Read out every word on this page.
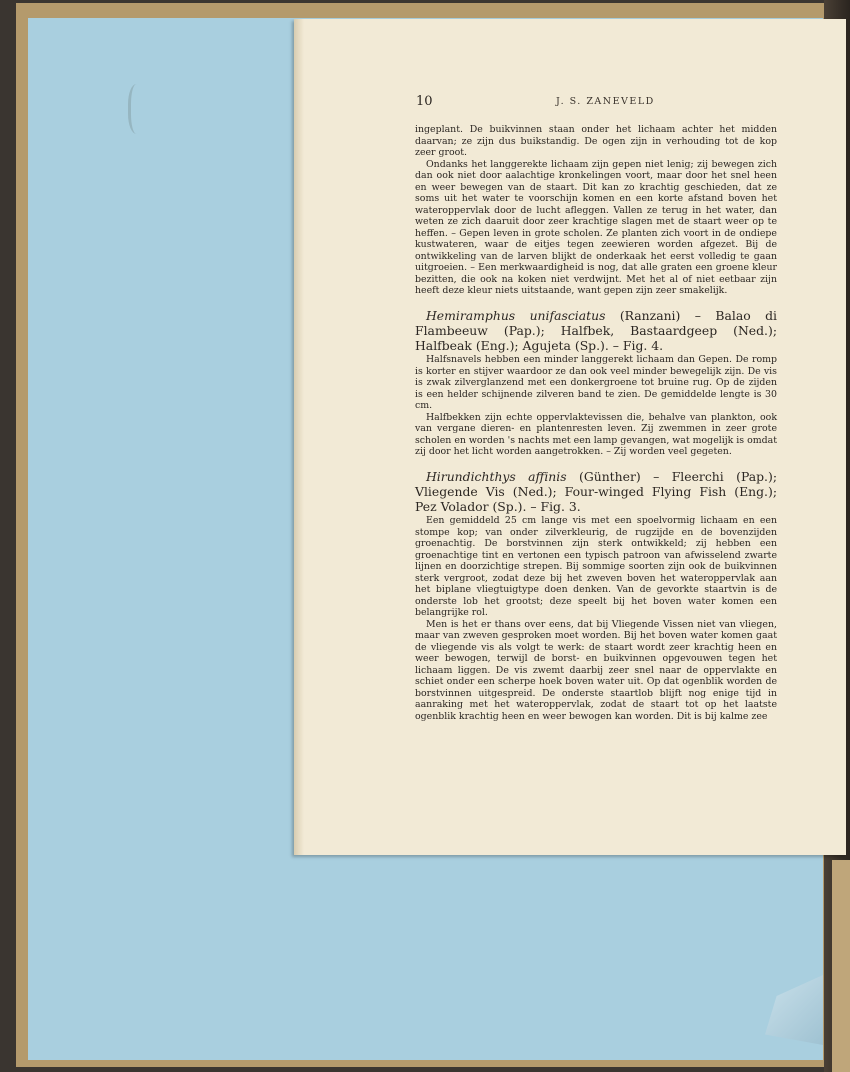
10	J. S. ZANEVELD

ingeplant. De buikvinnen staan onder het lichaam achter het midden daarvan; ze zijn dus buikstandig. De ogen zijn in verhouding tot de kop zeer groot.

Ondanks het langgerekte lichaam zijn gepen niet lenig; zij bewegen zich dan ook niet door aalachtige kronkelingen voort, maar door het snel heen en weer bewegen van de staart. Dit kan zo krachtig geschieden, dat ze soms uit het water te voorschijn komen en een korte afstand boven het wateroppervlak door de lucht afleggen. Vallen ze terug in het water, dan weten ze zich daaruit door zeer krachtige slagen met de staart weer op te heffen. – Gepen leven in grote scholen. Ze planten zich voort in de ondiepe kustwateren, waar de eitjes tegen zeewieren worden afgezet. Bij de ontwikkeling van de larven blijkt de onderkaak het eerst volledig te gaan uitgroeien. – Een merkwaardigheid is nog, dat alle graten een groene kleur bezitten, die ook na koken niet verdwijnt. Met het al of niet eetbaar zijn heeft deze kleur niets uitstaande, want gepen zijn zeer smakelijk.

Hemiramphus unifasciatus (Ranzani) – Balao di Flambeeuw (Pap.); Halfbek, Bastaardgeep (Ned.); Halfbeak (Eng.); Agujeta (Sp.). – Fig. 4.

Halfsnavels hebben een minder langgerekt lichaam dan Gepen. De romp is korter en stijver waardoor ze dan ook veel minder bewegelijk zijn. De vis is zwak zilverglanzend met een donkergroene tot bruine rug. Op de zijden is een helder schijnende zilveren band te zien. De gemiddelde lengte is 30 cm.

Halfbekken zijn echte oppervlaktevissen die, behalve van plankton, ook van vergane dieren- en plantenresten leven. Zij zwemmen in zeer grote scholen en worden 's nachts met een lamp gevangen, wat mogelijk is omdat zij door het licht worden aangetrokken. – Zij worden veel gegeten.

Hirundichthys affinis (Günther) – Fleerchi (Pap.); Vliegende Vis (Ned.); Four-winged Flying Fish (Eng.); Pez Volador (Sp.). – Fig. 3.

Een gemiddeld 25 cm lange vis met een spoelvormig lichaam en een stompe kop; van onder zilverkleurig, de rugzijde en de bovenzijden groenachtig. De borstvinnen zijn sterk ontwikkeld; zij hebben een groenachtige tint en vertonen een typisch patroon van afwisselend zwarte lijnen en doorzichtige strepen. Bij sommige soorten zijn ook de buikvinnen sterk vergroot, zodat deze bij het zweven boven het wateroppervlak aan het biplane vliegtuigtype doen denken. Van de gevorkte staartvin is de onderste lob het grootst; deze speelt bij het boven water komen een belangrijke rol.

Men is het er thans over eens, dat bij Vliegende Vissen niet van vliegen, maar van zweven gesproken moet worden. Bij het boven water komen gaat de vliegende vis als volgt te werk: de staart wordt zeer krachtig heen en weer bewogen, terwijl de borst- en buikvinnen opgevouwen tegen het lichaam liggen. De vis zwemt daarbij zeer snel naar de oppervlakte en schiet onder een scherpe hoek boven water uit. Op dat ogenblik worden de borstvinnen uitgespreid. De onderste staartlob blijft nog enige tijd in aanraking met het wateroppervlak, zodat de staart tot op het laatste ogenblik krachtig heen en weer bewogen kan worden. Dit is bij kalme zee
